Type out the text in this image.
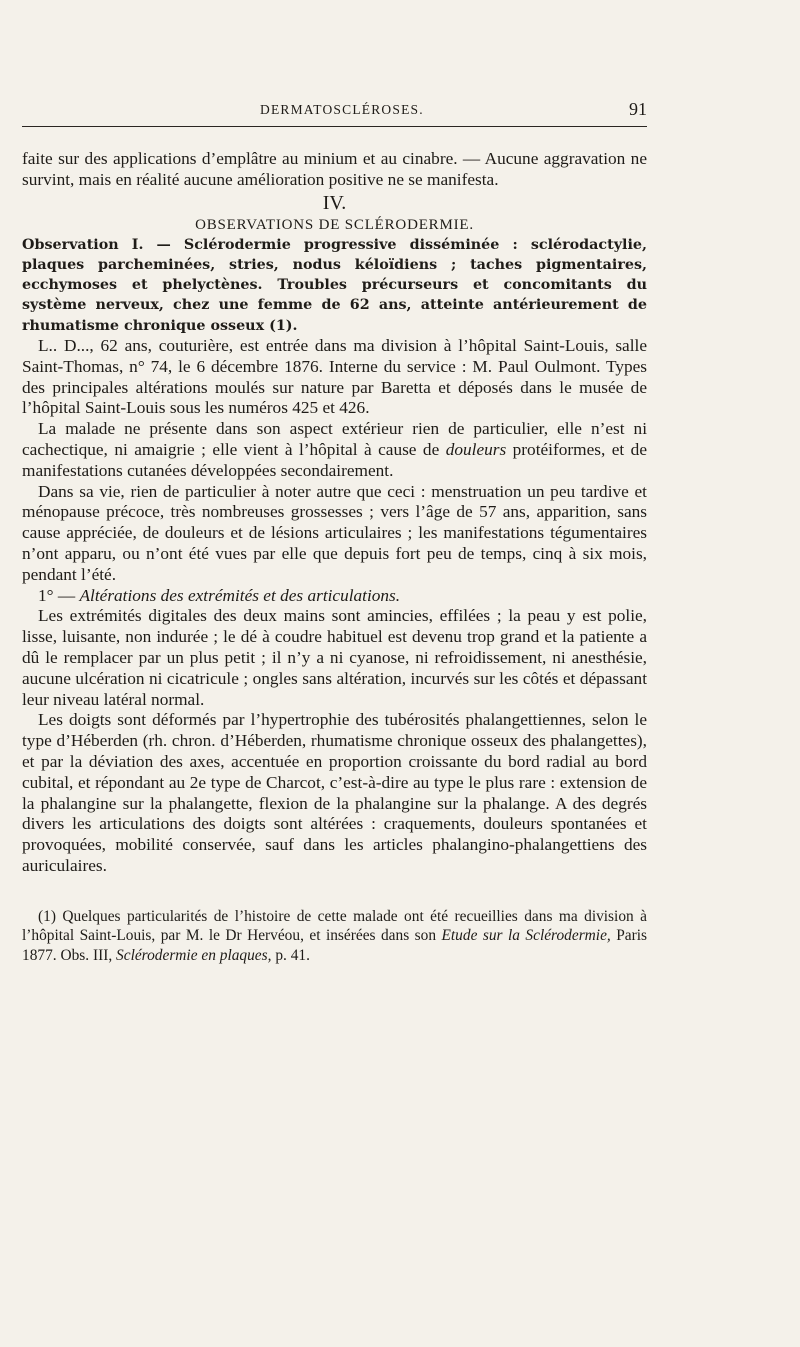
DERMATOSCLÉROSES.	91

faite sur des applications d’emplâtre au minium et au cinabre. — Aucune aggravation ne survint, mais en réalité aucune amélioration positive ne se manifesta.

IV.

OBSERVATIONS DE SCLÉRODERMIE.

Observation I. — Sclérodermie progressive disséminée : sclérodactylie, plaques parcheminées, stries, nodus kéloïdiens ; taches pigmentaires, ecchymoses et phelyctènes. Troubles précurseurs et concomitants du système nerveux, chez une femme de 62 ans, atteinte antérieurement de rhumatisme chronique osseux (1).

L.. D..., 62 ans, couturière, est entrée dans ma division à l’hôpital Saint-Louis, salle Saint-Thomas, n° 74, le 6 décembre 1876. Interne du service : M. Paul Oulmont. Types des principales altérations moulés sur nature par Baretta et déposés dans le musée de l’hôpital Saint-Louis sous les numéros 425 et 426.

La malade ne présente dans son aspect extérieur rien de particulier, elle n’est ni cachectique, ni amaigrie ; elle vient à l’hôpital à cause de douleurs protéiformes, et de manifestations cutanées développées secondairement.

Dans sa vie, rien de particulier à noter autre que ceci : menstruation un peu tardive et ménopause précoce, très nombreuses grossesses ; vers l’âge de 57 ans, apparition, sans cause appréciée, de douleurs et de lésions articulaires ; les manifestations tégumentaires n’ont apparu, ou n’ont été vues par elle que depuis fort peu de temps, cinq à six mois, pendant l’été.

1° — Altérations des extrémités et des articulations.

Les extrémités digitales des deux mains sont amincies, effilées ; la peau y est polie, lisse, luisante, non indurée ; le dé à coudre habituel est devenu trop grand et la patiente a dû le remplacer par un plus petit ; il n’y a ni cyanose, ni refroidissement, ni anesthésie, aucune ulcération ni cicatricule ; ongles sans altération, incurvés sur les côtés et dépassant leur niveau latéral normal.

Les doigts sont déformés par l’hypertrophie des tubérosités phalangettiennes, selon le type d’Héberden (rh. chron. d’Héberden, rhumatisme chronique osseux des phalangettes), et par la déviation des axes, accentuée en proportion croissante du bord radial au bord cubital, et répondant au 2e type de Charcot, c’est-à-dire au type le plus rare : extension de la phalangine sur la phalangette, flexion de la phalangine sur la phalange. A des degrés divers les articulations des doigts sont altérées : craquements, douleurs spontanées et provoquées, mobilité conservée, sauf dans les articles phalangino-phalangettiens des auriculaires.

(1) Quelques particularités de l’histoire de cette malade ont été recueillies dans ma division à l’hôpital Saint-Louis, par M. le Dr Hervéou, et insérées dans son Etude sur la Sclérodermie, Paris 1877. Obs. III, Sclérodermie en plaques, p. 41.
